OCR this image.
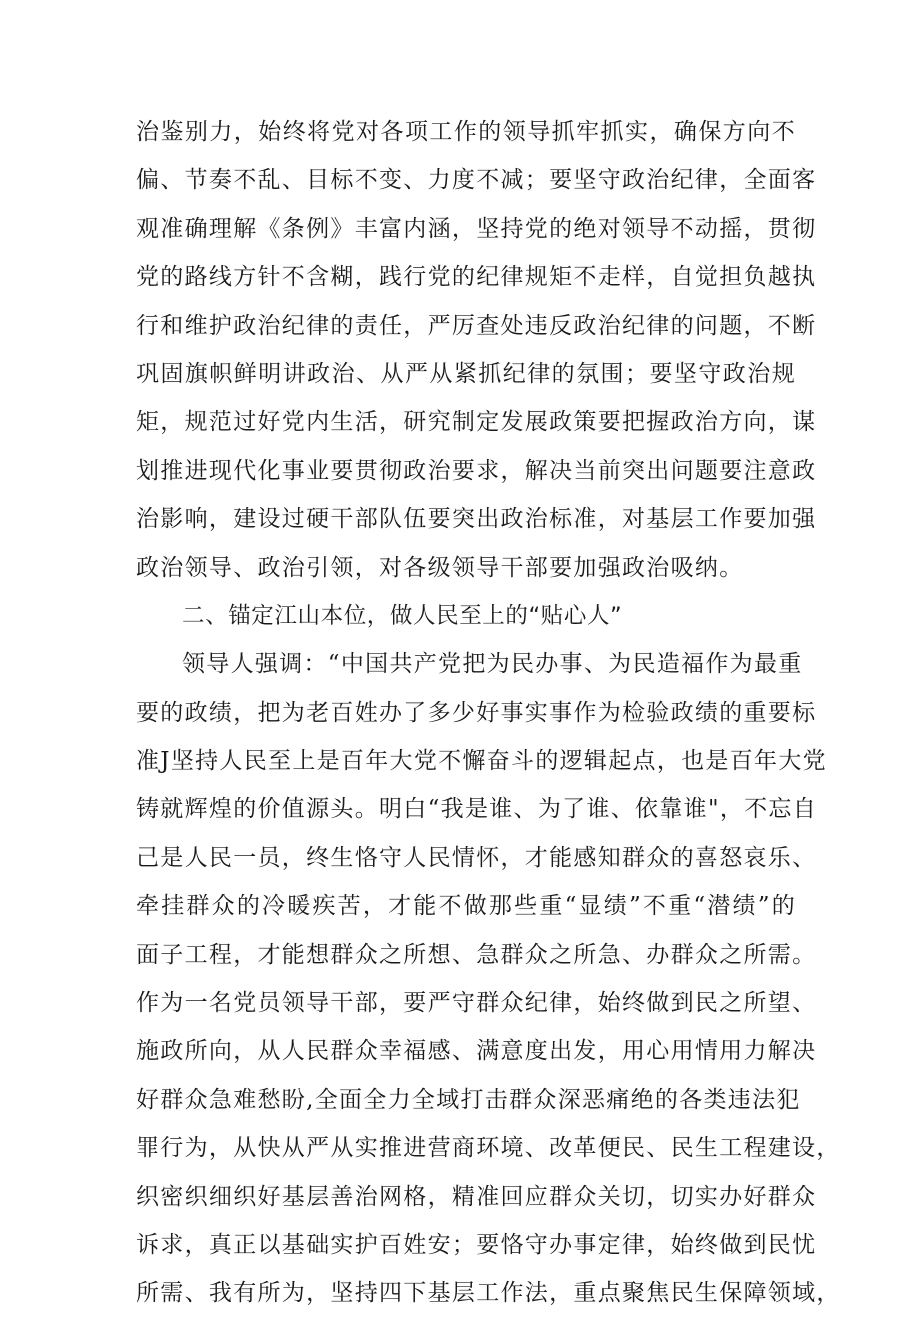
治鉴别力，始终将党对各项工作的领导抓牢抓实，确保方向不
偏、节奏不乱、目标不变、力度不减；要坚守政治纪律，全面客
观准确理解《条例》丰富内涵，坚持党的绝对领导不动摇，贯彻
党的路线方针不含糊，践行党的纪律规矩不走样，自觉担负越执
行和维护政治纪律的责任，严厉查处违反政治纪律的问题，不断
巩固旗帜鲜明讲政治、从严从紧抓纪律的氛围；要坚守政治规
矩，规范过好党内生活，研究制定发展政策要把握政治方向，谋
划推进现代化事业要贯彻政治要求，解决当前突出问题要注意政
治影响，建设过硬干部队伍要突出政治标准，对基层工作要加强
政治领导、政治引领，对各级领导干部要加强政治吸纳。
二、锚定江山本位，做人民至上的“贴心人”
领导人强调：“中国共产党把为民办事、为民造福作为最重
要的政绩，把为老百姓办了多少好事实事作为检验政绩的重要标
准J坚持人民至上是百年大党不懈奋斗的逻辑起点，也是百年大党
铸就辉煌的价值源头。明白“我是谁、为了谁、依靠谁"，不忘自
己是人民一员，终生恪守人民情怀，才能感知群众的喜怒哀乐、
牵挂群众的冷暖疾苦，才能不做那些重“显绩”不重“潜绩”的
面子工程，才能想群众之所想、急群众之所急、办群众之所需。
作为一名党员领导干部，要严守群众纪律，始终做到民之所望、
施政所向，从人民群众幸福感、满意度出发，用心用情用力解决
好群众急难愁盼,全面全力全域打击群众深恶痛绝的各类违法犯
罪行为，从快从严从实推进营商环境、改革便民、民生工程建设，
织密织细织好基层善治网格，精准回应群众关切，切实办好群众
诉求，真正以基础实护百姓安；要恪守办事定律，始终做到民忧
所需、我有所为，坚持四下基层工作法，重点聚焦民生保障领域，
